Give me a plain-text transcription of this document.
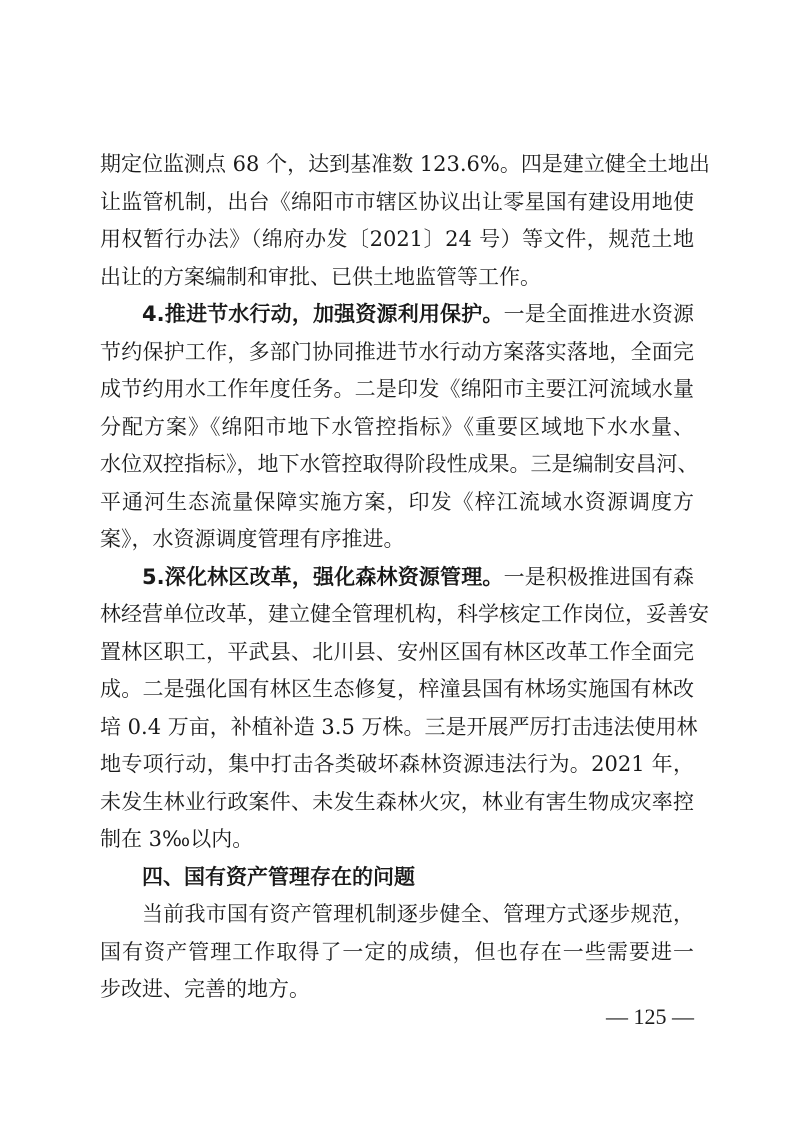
期定位监测点 68 个，达到基准数 123.6%。四是建立健全土地出
让监管机制，出台《绵阳市市辖区协议出让零星国有建设用地使
用权暂行办法》（绵府办发〔2021〕24 号）等文件，规范土地
出让的方案编制和审批、已供土地监管等工作。
4.推进节水行动，加强资源利用保护。一是全面推进水资源
节约保护工作，多部门协同推进节水行动方案落实落地，全面完
成节约用水工作年度任务。二是印发《绵阳市主要江河流域水量
分配方案》《绵阳市地下水管控指标》《重要区域地下水水量、
水位双控指标》，地下水管控取得阶段性成果。三是编制安昌河、
平通河生态流量保障实施方案，印发《梓江流域水资源调度方
案》，水资源调度管理有序推进。
5.深化林区改革，强化森林资源管理。一是积极推进国有森
林经营单位改革，建立健全管理机构，科学核定工作岗位，妥善安
置林区职工，平武县、北川县、安州区国有林区改革工作全面完
成。二是强化国有林区生态修复，梓潼县国有林场实施国有林改
培 0.4 万亩，补植补造 3.5 万株。三是开展严厉打击违法使用林
地专项行动，集中打击各类破坏森林资源违法行为。2021 年，
未发生林业行政案件、未发生森林火灾，林业有害生物成灾率控
制在 3‰以内。
四、国有资产管理存在的问题
当前我市国有资产管理机制逐步健全、管理方式逐步规范，
国有资产管理工作取得了一定的成绩，但也存在一些需要进一
步改进、完善的地方。
— 125 —
